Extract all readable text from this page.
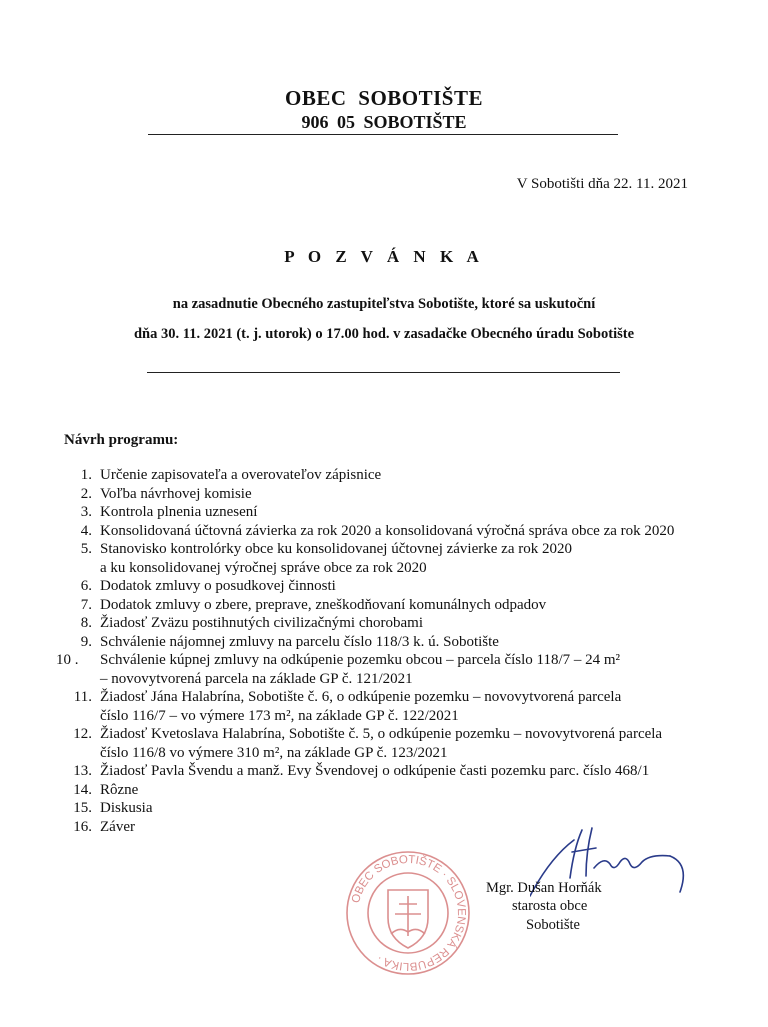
OBEC SOBOTIŠTE
906 05 SOBOTIŠTE
V Sobotišti dňa 22. 11. 2021
P O Z V Á N K A
na zasadnutie Obecného zastupiteľstva Sobotište, ktoré sa uskutoční
dňa 30. 11. 2021 (t. j. utorok) o 17.00 hod. v zasadačke Obecného úradu Sobotište
Návrh programu:
1. Určenie zapisovateľa a overovateľov zápisnice
2. Voľba návrhovej komisie
3. Kontrola plnenia uznesení
4. Konsolidovaná účtovná závierka za rok 2020 a konsolidovaná výročná správa obce za rok 2020
5. Stanovisko kontrolórky obce ku konsolidovanej účtovnej závierke za rok 2020
a ku konsolidovanej výročnej správe obce za rok 2020
6. Dodatok zmluvy o posudkovej činnosti
7. Dodatok zmluvy o zbere, preprave, zneškodňovaní komunálnych odpadov
8. Žiadosť Zväzu postihnutých civilizačnými chorobami
9. Schválenie nájomnej zmluvy na parcelu číslo 118/3 k. ú. Sobotište
10 .	Schválenie kúpnej zmluvy na odkúpenie pozemku obcou – parcela číslo 118/7 – 24 m²
– novovytvorená parcela na základe GP č. 121/2021
11. Žiadosť Jána Halabrína, Sobotište č. 6, o odkúpenie pozemku – novovytvorená parcela
číslo 116/7 – vo výmere 173 m², na základe GP č. 122/2021
12. Žiadosť Kvetoslava Halabrína, Sobotište č. 5, o odkúpenie pozemku – novovytvorená parcela
číslo 116/8 vo výmere 310 m², na základe GP č. 123/2021
13. Žiadosť Pavla Švendu a manž. Evy Švendovej o odkúpenie časti pozemku parc. číslo 468/1
14. Rôzne
15. Diskusia
16. Záver
OBEC SOBOTIŠTE · SLOVENSKÁ REPUBLIKA ·
Mgr. Dušan Horňák
starosta obce
Sobotište
